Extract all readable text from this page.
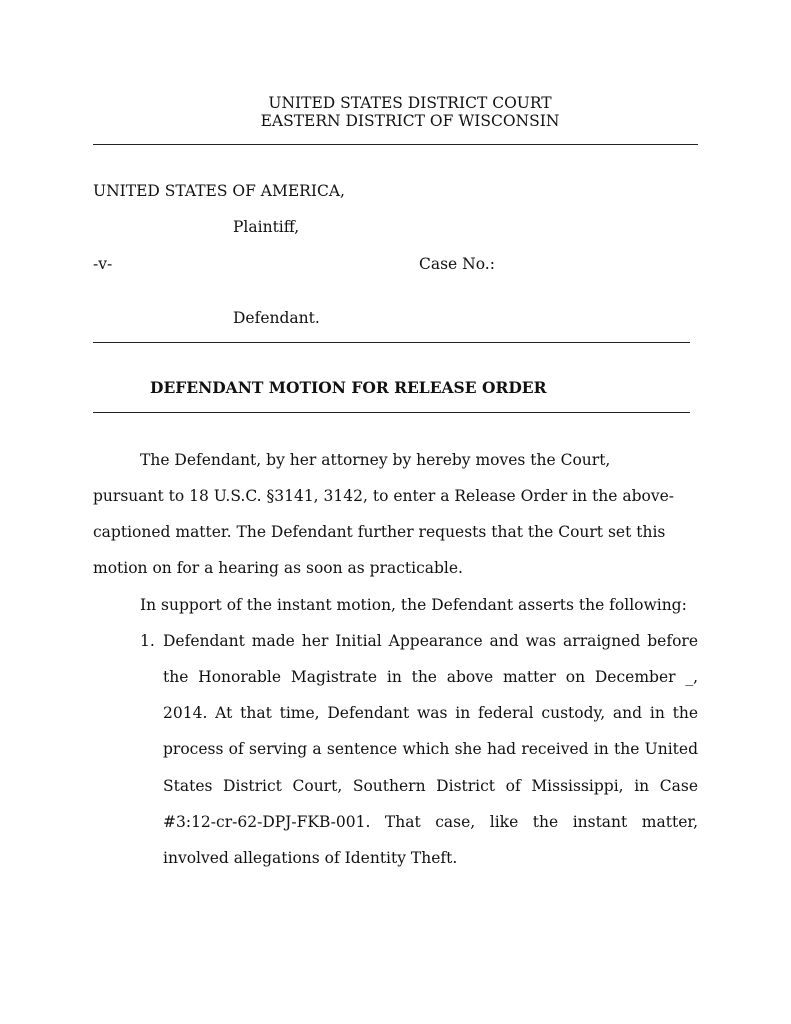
UNITED STATES DISTRICT COURT
EASTERN DISTRICT OF WISCONSIN
UNITED STATES OF AMERICA,
Plaintiff,
-v-	Case No.:
Defendant.
DEFENDANT MOTION FOR RELEASE ORDER
The Defendant, by her attorney by hereby moves the Court,
pursuant to 18 U.S.C. §3141, 3142, to enter a Release Order in the above-
captioned matter. The Defendant further requests that the Court set this
motion on for a hearing as soon as practicable.
In support of the instant motion, the Defendant asserts the following:
1. Defendant made her Initial Appearance and was arraigned before
the Honorable Magistrate in the above matter on December _,
2014. At that time, Defendant was in federal custody, and in the
process of serving a sentence which she had received in the United
States District Court, Southern District of Mississippi, in Case
#3:12-cr-62-DPJ-FKB-001. That case, like the instant matter,
involved allegations of Identity Theft.
